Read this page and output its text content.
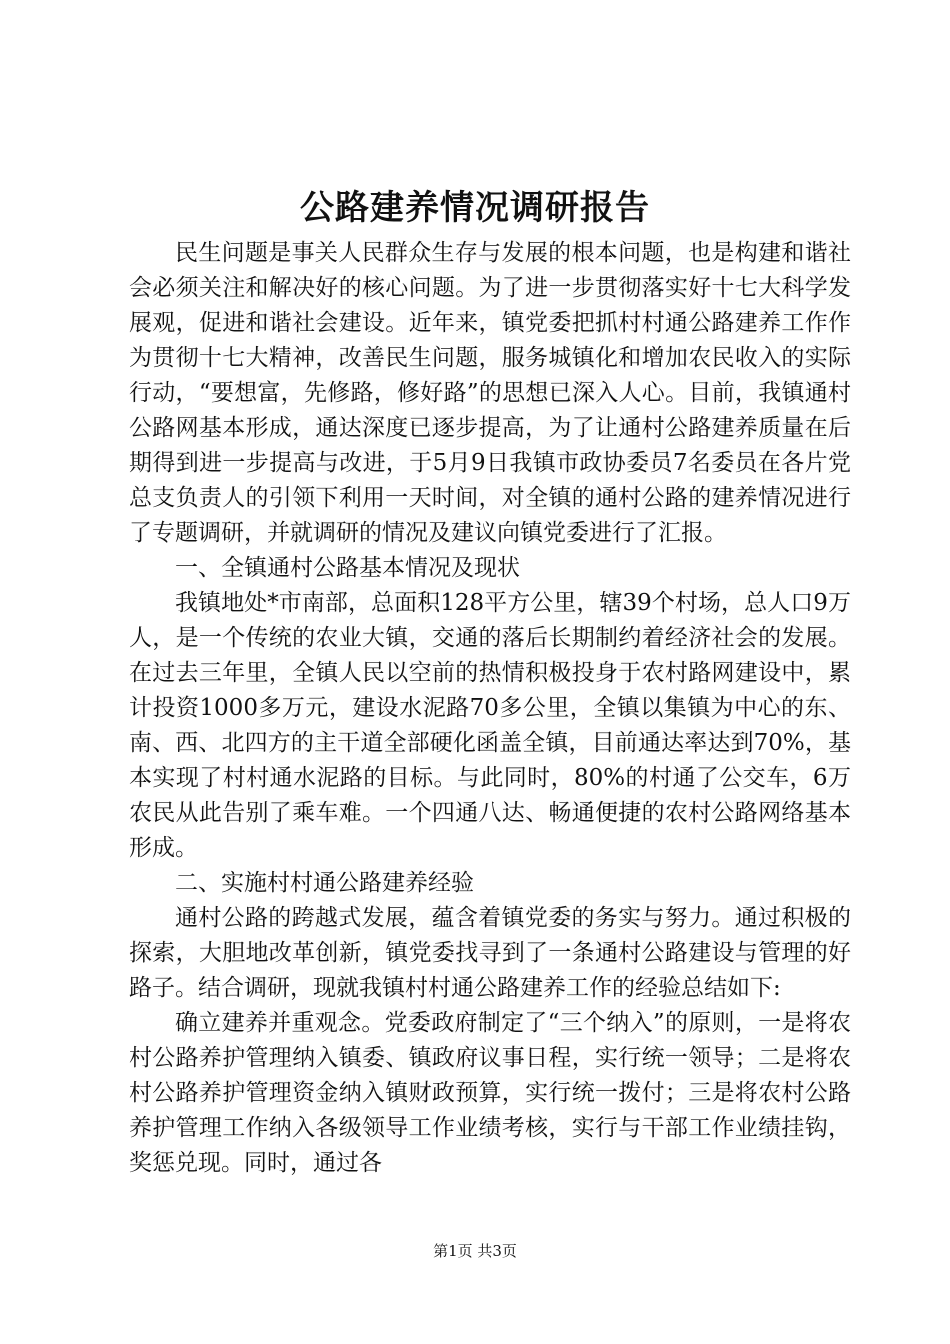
公路建养情况调研报告

民生问题是事关人民群众生存与发展的根本问题，也是构建和谐社会必须关注和解决好的核心问题。为了进一步贯彻落实好十七大科学发展观，促进和谐社会建设。近年来，镇党委把抓村村通公路建养工作作为贯彻十七大精神，改善民生问题，服务城镇化和增加农民收入的实际行动，“要想富，先修路，修好路”的思想已深入人心。目前，我镇通村公路网基本形成，通达深度已逐步提高，为了让通村公路建养质量在后期得到进一步提高与改进，于5月9日我镇市政协委员7名委员在各片党总支负责人的引领下利用一天时间，对全镇的通村公路的建养情况进行了专题调研，并就调研的情况及建议向镇党委进行了汇报。

一、全镇通村公路基本情况及现状

我镇地处*市南部，总面积128平方公里，辖39个村场，总人口9万人，是一个传统的农业大镇，交通的落后长期制约着经济社会的发展。在过去三年里，全镇人民以空前的热情积极投身于农村路网建设中，累计投资1000多万元，建设水泥路70多公里，全镇以集镇为中心的东、南、西、北四方的主干道全部硬化函盖全镇，目前通达率达到70%，基本实现了村村通水泥路的目标。与此同时，80%的村通了公交车，6万农民从此告别了乘车难。一个四通八达、畅通便捷的农村公路网络基本形成。

二、实施村村通公路建养经验

通村公路的跨越式发展，蕴含着镇党委的务实与努力。通过积极的探索，大胆地改革创新，镇党委找寻到了一条通村公路建设与管理的好路子。结合调研，现就我镇村村通公路建养工作的经验总结如下:

确立建养并重观念。党委政府制定了“三个纳入”的原则，一是将农村公路养护管理纳入镇委、镇政府议事日程，实行统一领导；二是将农村公路养护管理资金纳入镇财政预算，实行统一拨付；三是将农村公路养护管理工作纳入各级领导工作业绩考核，实行与干部工作业绩挂钩，奖惩兑现。同时，通过各

第1页 共3页
